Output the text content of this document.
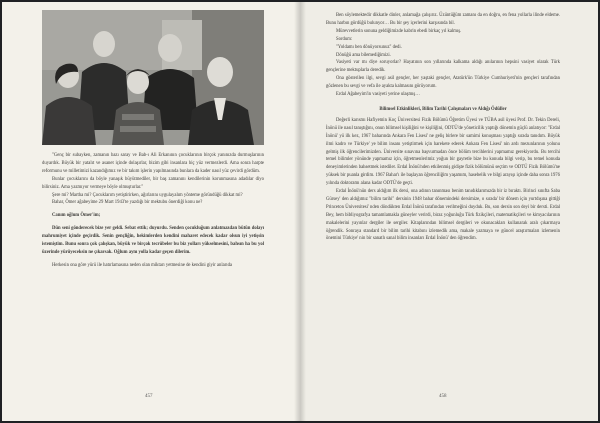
"Genç bir subayken, zamanın bazı saray ve Bab-ı Ali Erkanının çocuklarının birçok yanınızda durmuşlarının duyardık. Büyük bir yatalıt ve asanet içinde dolaşırlar, bizim gibi insanlara hiç yüz vermezlerdi. Ama sonra harpte reformunu ve milletimizi kazandığımız ve bir takım işlerin yapılmasında bunlara da kader nasıl yüz çevirdi gördüm.

Bunlar çocuklarını da böyle yanaşık büyütmediler, bir baş zamanını kendilerinin korunmasına adadılar diyo bilirsiniz. Ama yazmıyor vermeye böyle olmuşturlar."

Şere mi? Martha mi? Çocuklarım yetiştirirken, ağırlarını uygulayalım yönteme göründüğü dikkat mi?

Bahar, Ömer ağabeyime 29 Mart 1943'te yazdığı bir mektubu önerdiği konu ne?

Canım oğlum Ömer'im;

Dün seni gönderecek bize yer geldi. Sebat ettik; duyurdu. Senden çocukluğum anlatmazdan bütün dolayı mahrumiyet içinde geçirdik. Senin gençliğin, hekimlerden kendini maharet edecek kadar olsun iyi yetişsin istemiştim. Bunu sonra çok çalışkan, büyük ve birçok tecrübeler bu biz yolları yükselmesini, bahsın ha bu yol üzerinde yürüyeceksin ne çıkarsak. Oğlum aynı yolla kadar geçen dilerim.

Herkesin ona göre yürü ile hatırlamasına neden olan miktarı yetmesine de kendini giyir anlarıda

457

Ben söylemektedir dikkatle dinler, anlamağa çalışırız. Üzüntüğüm zamanı da en doğru, en fena yollarla ilinde eldeme. Bunu harbın gördüğü bulunyor… Bu bir şey içerlerini karşısında bil.

Mürevvetlerin sonuna geldiğimizde kabrin ebedi birkaç yıl kalmış.

Sordum:

"Yoldamı ben dönüyorsunuz" dedi.

Dönüğü ama bilemediğimizi.

Vasiyeti var mı diye soruyorlar? Hayatının son yıllarında kalkama aldığı anılarının hepsini vasiyet olarak Türk gençlerine mektuplarla deredik.

Ona gösterilen ilgi, sevgi asil gençler, her yaştaki gençler, Atatürk'ün Türkiye Cumhuriyeti'nin gençleri tarafından gözlenen bu sevgi ve vefa ile ayakta kalmasını görüyorum.

Erdal Ağabeyim'in vasiyeti yerine ulaşmış…

Bilimsel Etkinlikleri, Bilim Tarihi Çalışmaları ve Aldığı Ödüller

Değerli karısmı Hafiyemin Koç Üniversitesi Fizik Bölümü Öğretim Üyesi ve TÜBA asil üyesi Prof. Dr. Tekin Dereli, İnönü ile nasıl tanıştığını, onun bilimsel kişiliğini ve kişiliğini, ODTÜ'de yöneticilik yaptığı dönemin güçlü anlatıyor: "Erdal İnönü' yü ilk kez, 1967 baharında Ankara Fen Lisesi' ne geliş birlere bir samimi konuşması yaptığı sırada tanıdım. Büyük ilmi kadro ve Türkiye' ye bilim insanı yetiştirmek için harekete ederek Ankara Fen Lisesi' nin ardı mezunlarının yolunu gelmiş ilk öğrencilerimizden. Üniversite sınavına başvurmadan önce bölüm tercihlerini yapmamız gerekiyordu. Bu tercihi temel bilimler yönünde yapmamız için, öğretmenlerimiz yoğun bir gayretle bize bu konuda bilgi verip, bu temel konuda deneyimlerinden bahsetmek istediler. Erdal İnönü'nden etkilenmiş gidişte fizik bölümünü seçtim ve ODTÜ Fizik Bölümü'ne yüksek bir puanla girdim. 1967 Bahar'ı ile başlayan öğrenciliğim yaşamım, hasebelik ve bilgi arayışı içinde daha sonra 1976 yılında doktoramı alana kadar ODTÜ'de geçti.

Erdal İnönü'nün ders aldığım ilk dersi, ona adının tanınması benim tanıdıklarımızda bir iz bıraktı. Birinci sınıfta Saba Gürsey' den aldığımız "bilim tarihi" dersinin 1948 bahar dönemindeki dersimize, o sırada' bir dönem için yurtdışına gittiği Princeton Üniversitesi' nden döndükten Erdal İnönü tarafından verilmeğini duyduk. Bu, son dersin son deyi bir dersti. Erdal Bey, hem bibliyografya tamamlamakla güneyler verirdi, biraz yoğunluğu Türk fizikçileri, matematikçileri ve kimyacılarının makalelerini yayınlar dergiler ile sergiler. Kitaplarından bilimsel dergileri ve okunacakları kullanarak aralı çıkarmaya öğrendik. Sonraya standard bir bilim tarihi kitabını izlemedik ama, makale yazmaya ve güncel araştırmaları izlemenin önemini Türkiye' nin bir sanatlı sanal bilim insanları Erdal İnönü' den öğrendim.

458
